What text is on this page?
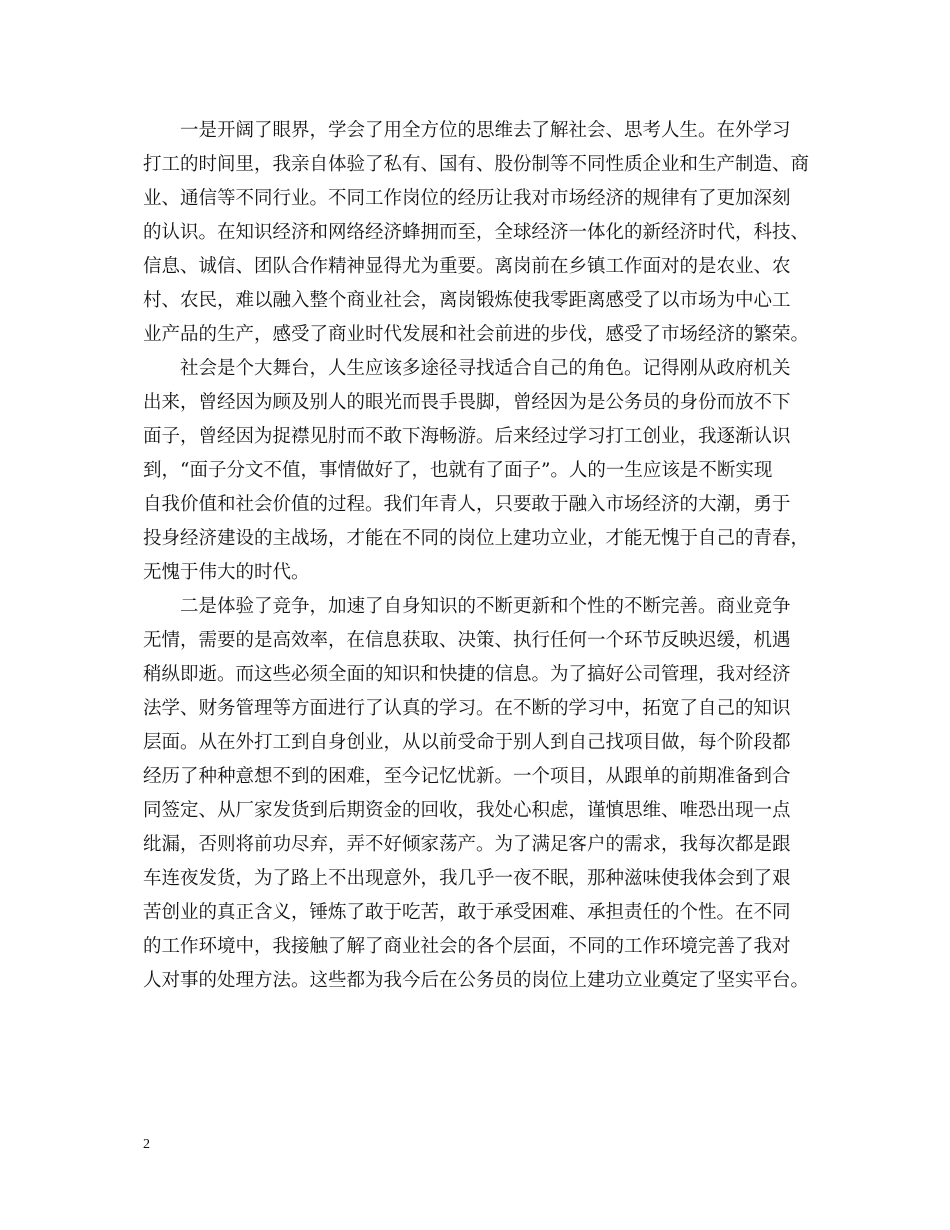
一是开阔了眼界，学会了用全方位的思维去了解社会、思考人生。在外学习
打工的时间里，我亲自体验了私有、国有、股份制等不同性质企业和生产制造、商
业、通信等不同行业。不同工作岗位的经历让我对市场经济的规律有了更加深刻
的认识。在知识经济和网络经济蜂拥而至，全球经济一体化的新经济时代，科技、
信息、诚信、团队合作精神显得尤为重要。离岗前在乡镇工作面对的是农业、农
村、农民，难以融入整个商业社会，离岗锻炼使我零距离感受了以市场为中心工
业产品的生产，感受了商业时代发展和社会前进的步伐，感受了市场经济的繁荣。
社会是个大舞台，人生应该多途径寻找适合自己的角色。记得刚从政府机关
出来，曾经因为顾及别人的眼光而畏手畏脚，曾经因为是公务员的身份而放不下
面子，曾经因为捉襟见肘而不敢下海畅游。后来经过学习打工创业，我逐渐认识
到，“面子分文不值，事情做好了，也就有了面子”。人的一生应该是不断实现
自我价值和社会价值的过程。我们年青人，只要敢于融入市场经济的大潮，勇于
投身经济建设的主战场，才能在不同的岗位上建功立业，才能无愧于自己的青春，
无愧于伟大的时代。
二是体验了竞争，加速了自身知识的不断更新和个性的不断完善。商业竞争
无情，需要的是高效率，在信息获取、决策、执行任何一个环节反映迟缓，机遇
稍纵即逝。而这些必须全面的知识和快捷的信息。为了搞好公司管理，我对经济
法学、财务管理等方面进行了认真的学习。在不断的学习中，拓宽了自己的知识
层面。从在外打工到自身创业，从以前受命于别人到自己找项目做，每个阶段都
经历了种种意想不到的困难，至今记忆忧新。一个项目，从跟单的前期准备到合
同签定、从厂家发货到后期资金的回收，我处心积虑，谨慎思维、唯恐出现一点
纰漏，否则将前功尽弃，弄不好倾家荡产。为了满足客户的需求，我每次都是跟
车连夜发货，为了路上不出现意外，我几乎一夜不眠，那种滋味使我体会到了艰
苦创业的真正含义，锤炼了敢于吃苦，敢于承受困难、承担责任的个性。在不同
的工作环境中，我接触了解了商业社会的各个层面，不同的工作环境完善了我对
人对事的处理方法。这些都为我今后在公务员的岗位上建功立业奠定了坚实平台。
2
